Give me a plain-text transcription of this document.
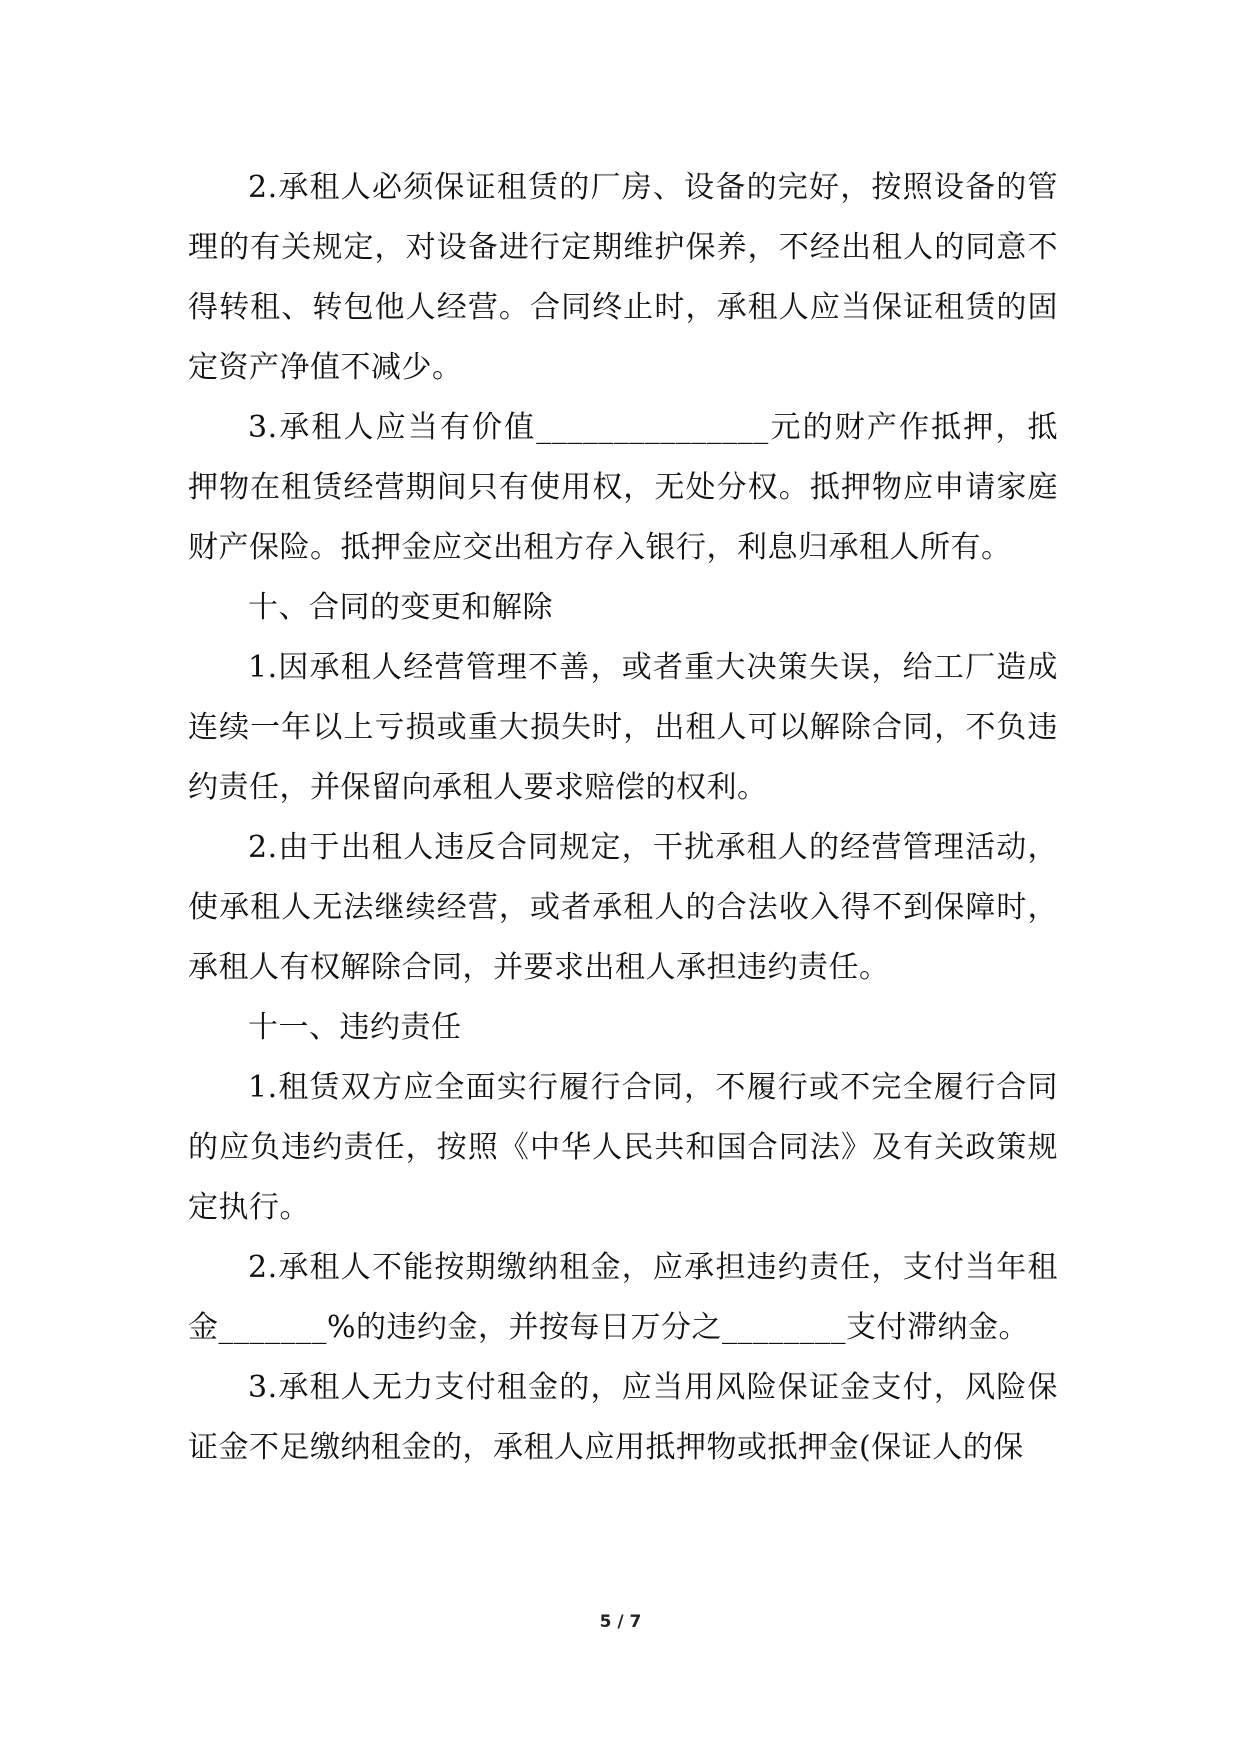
2.承租人必须保证租赁的厂房、设备的完好，按照设备的管理的有关规定，对设备进行定期维护保养，不经出租人的同意不得转租、转包他人经营。合同终止时，承租人应当保证租赁的固定资产净值不减少。

3.承租人应当有价值_______________元的财产作抵押，抵押物在租赁经营期间只有使用权，无处分权。抵押物应申请家庭财产保险。抵押金应交出租方存入银行，利息归承租人所有。

十、合同的变更和解除

1.因承租人经营管理不善，或者重大决策失误，给工厂造成连续一年以上亏损或重大损失时，出租人可以解除合同，不负违约责任，并保留向承租人要求赔偿的权利。

2.由于出租人违反合同规定，干扰承租人的经营管理活动，使承租人无法继续经营，或者承租人的合法收入得不到保障时，承租人有权解除合同，并要求出租人承担违约责任。

十一、违约责任

1.租赁双方应全面实行履行合同，不履行或不完全履行合同的应负违约责任，按照《中华人民共和国合同法》及有关政策规定执行。

2.承租人不能按期缴纳租金，应承担违约责任，支付当年租金_______%的违约金，并按每日万分之________支付滞纳金。

3.承租人无力支付租金的，应当用风险保证金支付，风险保证金不足缴纳租金的，承租人应用抵押物或抵押金(保证人的保

5 / 7
